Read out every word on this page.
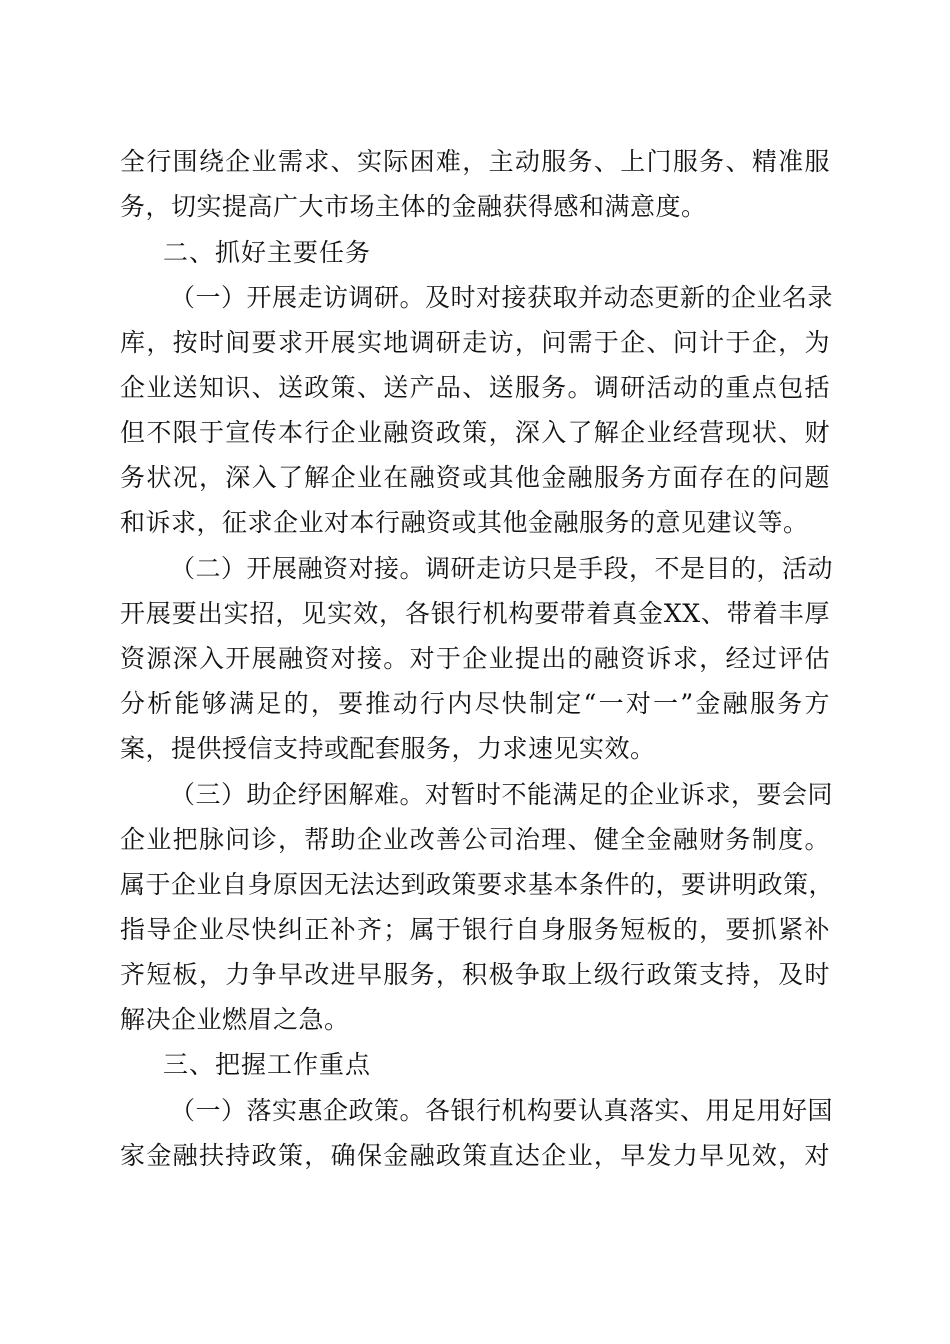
全行围绕企业需求、实际困难，主动服务、上门服务、精准服
务，切实提高广大市场主体的金融获得感和满意度。
二、抓好主要任务
（一）开展走访调研。及时对接获取并动态更新的企业名录
库，按时间要求开展实地调研走访，问需于企、问计于企，为
企业送知识、送政策、送产品、送服务。调研活动的重点包括
但不限于宣传本行企业融资政策，深入了解企业经营现状、财
务状况，深入了解企业在融资或其他金融服务方面存在的问题
和诉求，征求企业对本行融资或其他金融服务的意见建议等。
（二）开展融资对接。调研走访只是手段，不是目的，活动
开展要出实招，见实效，各银行机构要带着真金XX、带着丰厚
资源深入开展融资对接。对于企业提出的融资诉求，经过评估
分析能够满足的，要推动行内尽快制定“一对一”金融服务方
案，提供授信支持或配套服务，力求速见实效。
（三）助企纾困解难。对暂时不能满足的企业诉求，要会同
企业把脉问诊，帮助企业改善公司治理、健全金融财务制度。
属于企业自身原因无法达到政策要求基本条件的，要讲明政策，
指导企业尽快纠正补齐；属于银行自身服务短板的，要抓紧补
齐短板，力争早改进早服务，积极争取上级行政策支持，及时
解决企业燃眉之急。
三、把握工作重点
（一）落实惠企政策。各银行机构要认真落实、用足用好国
家金融扶持政策，确保金融政策直达企业，早发力早见效，对
